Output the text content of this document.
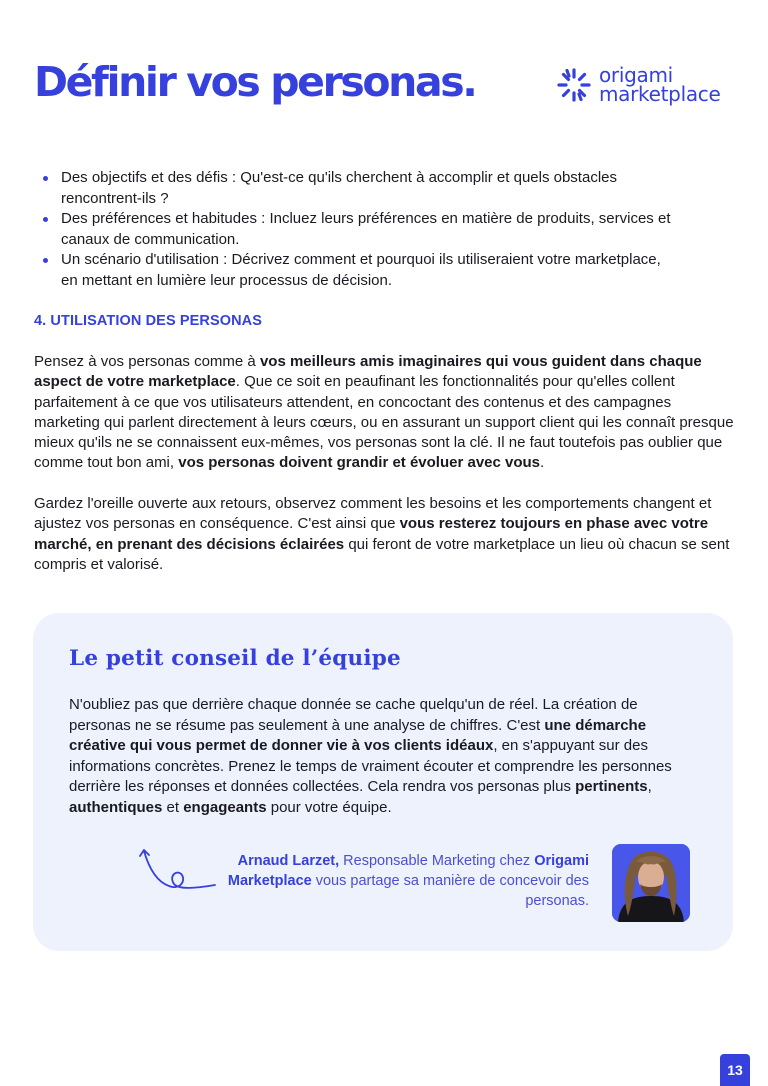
Définir vos personas.	origami
marketplace
Des objectifs et des défis : Qu'est-ce qu'ils cherchent à accomplir et quels obstacles
rencontrent-ils ?
Des préférences et habitudes : Incluez leurs préférences en matière de produits, services et
canaux de communication.
Un scénario d'utilisation : Décrivez comment et pourquoi ils utiliseraient votre marketplace,
en mettant en lumière leur processus de décision.
4. UTILISATION DES PERSONAS

Pensez à vos personas comme à vos meilleurs amis imaginaires qui vous guident dans chaque aspect de votre marketplace. Que ce soit en peaufinant les fonctionnalités pour qu'elles collent parfaitement à ce que vos utilisateurs attendent, en concoctant des contenus et des campagnes marketing qui parlent directement à leurs cœurs, ou en assurant un support client qui les connaît presque mieux qu'ils ne se connaissent eux-mêmes, vos personas sont la clé. Il ne faut toutefois pas oublier que comme tout bon ami, vos personas doivent grandir et évoluer avec vous.

Gardez l'oreille ouverte aux retours, observez comment les besoins et les comportements changent et ajustez vos personas en conséquence. C'est ainsi que vous resterez toujours en phase avec votre marché, en prenant des décisions éclairées qui feront de votre marketplace un lieu où chacun se sent compris et valorisé.

Le petit conseil de l’équipe

N'oubliez pas que derrière chaque donnée se cache quelqu'un de réel. La création de personas ne se résume pas seulement à une analyse de chiffres. C'est une démarche créative qui vous permet de donner vie à vos clients idéaux, en s'appuyant sur des informations concrètes. Prenez le temps de vraiment écouter et comprendre les personnes derrière les réponses et données collectées. Cela rendra vos personas plus pertinents, authentiques et engageants pour votre équipe.

Arnaud Larzet, Responsable Marketing chez Origami Marketplace vous partage sa manière de concevoir des personas.

13
